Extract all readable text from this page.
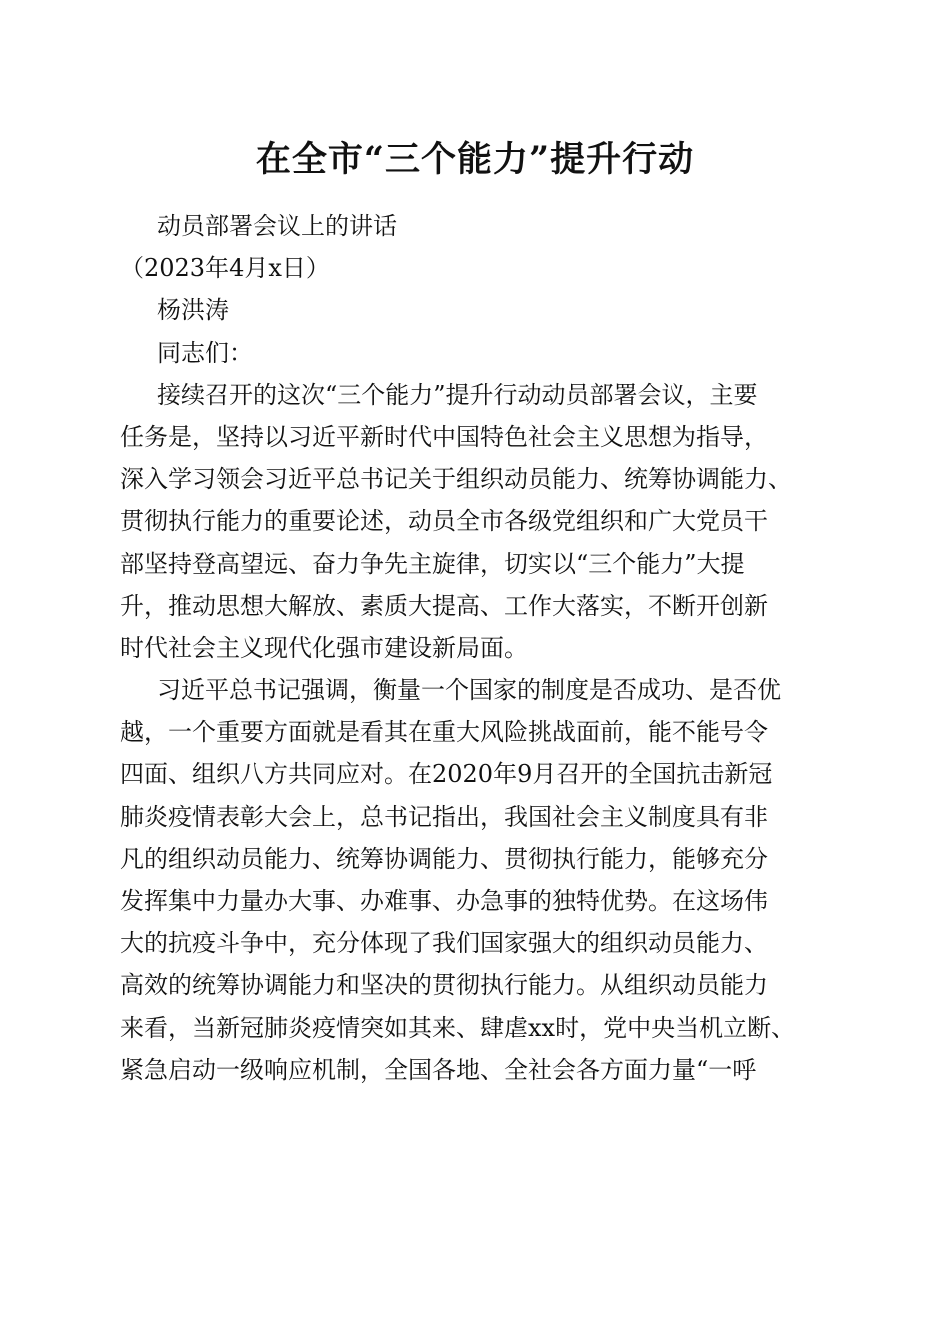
在全市“三个能力”提升行动
动员部署会议上的讲话
（2023年4月x日）
杨洪涛
同志们：
接续召开的这次“三个能力”提升行动动员部署会议，主要
任务是，坚持以习近平新时代中国特色社会主义思想为指导，
深入学习领会习近平总书记关于组织动员能力、统筹协调能力、
贯彻执行能力的重要论述，动员全市各级党组织和广大党员干
部坚持登高望远、奋力争先主旋律，切实以“三个能力”大提
升，推动思想大解放、素质大提高、工作大落实，不断开创新
时代社会主义现代化强市建设新局面。
习近平总书记强调，衡量一个国家的制度是否成功、是否优
越，一个重要方面就是看其在重大风险挑战面前，能不能号令
四面、组织八方共同应对。在2020年9月召开的全国抗击新冠
肺炎疫情表彰大会上，总书记指出，我国社会主义制度具有非
凡的组织动员能力、统筹协调能力、贯彻执行能力，能够充分
发挥集中力量办大事、办难事、办急事的独特优势。在这场伟
大的抗疫斗争中，充分体现了我们国家强大的组织动员能力、
高效的统筹协调能力和坚决的贯彻执行能力。从组织动员能力
来看，当新冠肺炎疫情突如其来、肆虐xx时，党中央当机立断、
紧急启动一级响应机制，全国各地、全社会各方面力量“一呼
